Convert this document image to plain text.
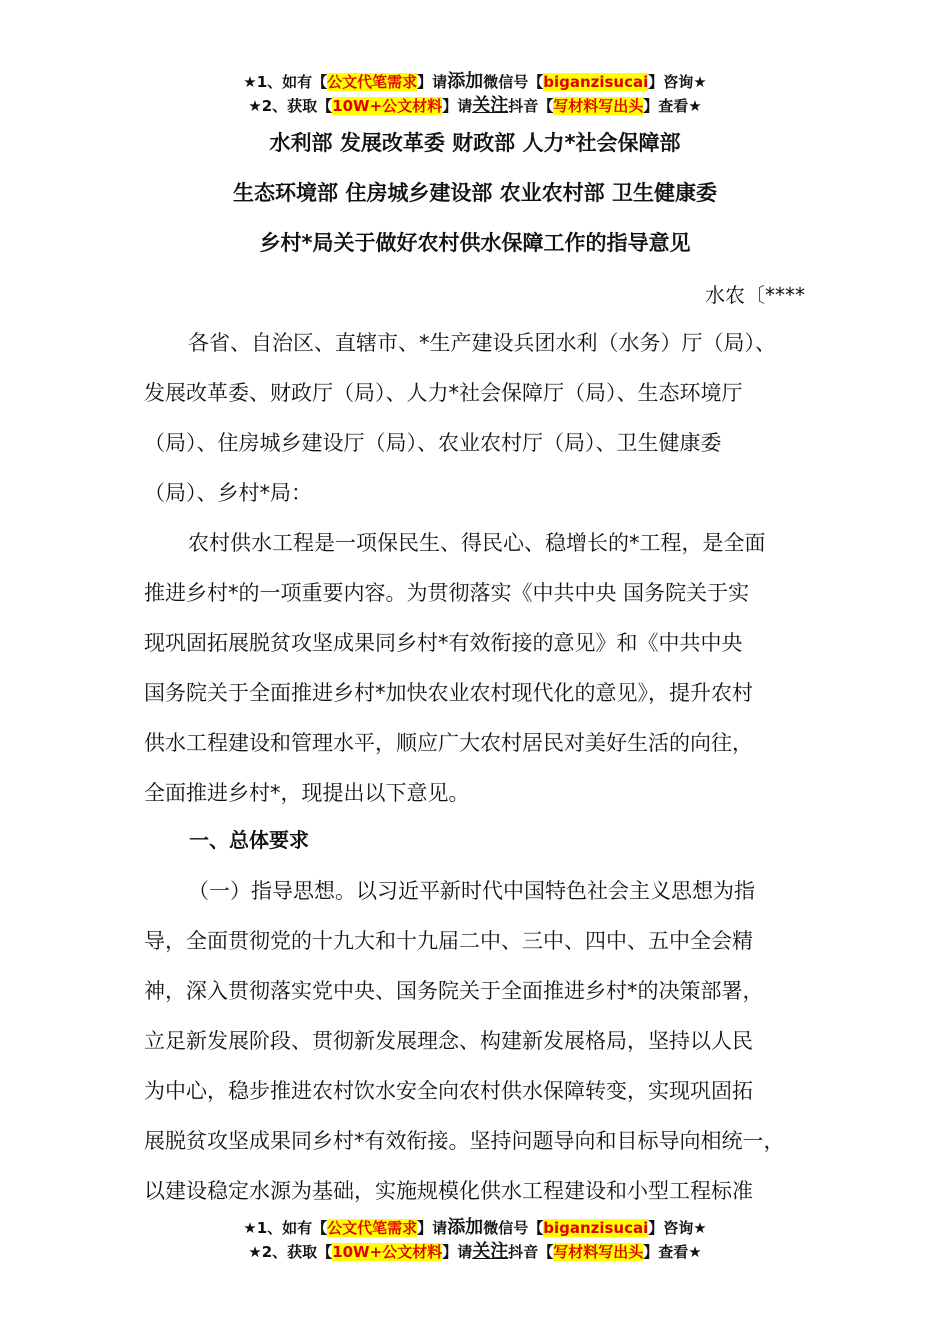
★1、如有【公文代笔需求】请添加微信号【biganzisucai】咨询★
★2、获取【10W+公文材料】请关注抖音【写材料写出头】查看★
水利部 发展改革委 财政部 人力*社会保障部
生态环境部 住房城乡建设部 农业农村部 卫生健康委
乡村*局关于做好农村供水保障工作的指导意见
水农〔****
各省、自治区、直辖市、*生产建设兵团水利（水务）厅（局）、
发展改革委、财政厅（局）、人力*社会保障厅（局）、生态环境厅
（局）、住房城乡建设厅（局）、农业农村厅（局）、卫生健康委
（局）、乡村*局：
农村供水工程是一项保民生、得民心、稳增长的*工程，是全面
推进乡村*的一项重要内容。为贯彻落实《中共中央 国务院关于实
现巩固拓展脱贫攻坚成果同乡村*有效衔接的意见》和《中共中央
国务院关于全面推进乡村*加快农业农村现代化的意见》，提升农村
供水工程建设和管理水平，顺应广大农村居民对美好生活的向往，
全面推进乡村*，现提出以下意见。
一、总体要求
（一）指导思想。以习近平新时代中国特色社会主义思想为指
导，全面贯彻党的十九大和十九届二中、三中、四中、五中全会精
神，深入贯彻落实党中央、国务院关于全面推进乡村*的决策部署，
立足新发展阶段、贯彻新发展理念、构建新发展格局，坚持以人民
为中心，稳步推进农村饮水安全向农村供水保障转变，实现巩固拓
展脱贫攻坚成果同乡村*有效衔接。坚持问题导向和目标导向相统一，
以建设稳定水源为基础，实施规模化供水工程建设和小型工程标准
★1、如有【公文代笔需求】请添加微信号【biganzisucai】咨询★
★2、获取【10W+公文材料】请关注抖音【写材料写出头】查看★
